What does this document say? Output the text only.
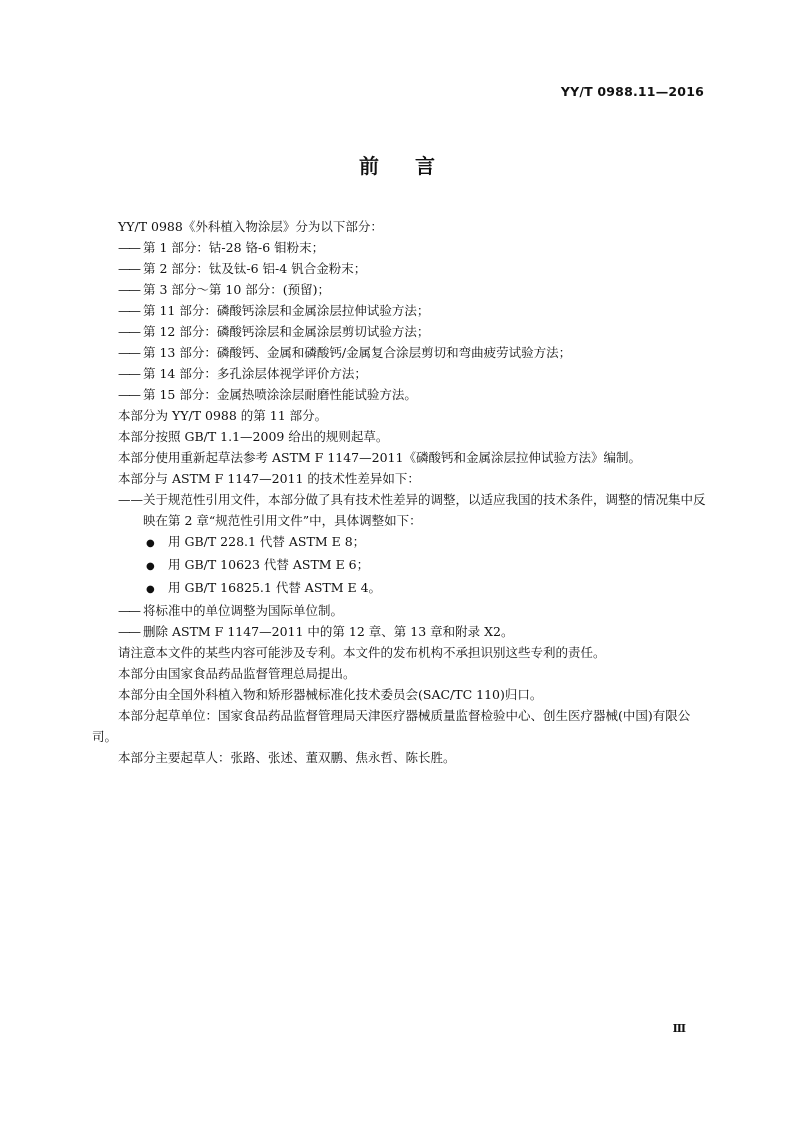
YY/T 0988.11—2016
前言

YY/T 0988《外科植入物涂层》分为以下部分：

—— 第 1 部分：钴-28 铬-6 钼粉末；

—— 第 2 部分：钛及钛-6 铝-4 钒合金粉末；

—— 第 3 部分～第 10 部分：(预留)；

—— 第 11 部分：磷酸钙涂层和金属涂层拉伸试验方法；

—— 第 12 部分：磷酸钙涂层和金属涂层剪切试验方法；

—— 第 13 部分：磷酸钙、金属和磷酸钙/金属复合涂层剪切和弯曲疲劳试验方法；

—— 第 14 部分：多孔涂层体视学评价方法；

—— 第 15 部分：金属热喷涂涂层耐磨性能试验方法。

本部分为 YY/T 0988 的第 11 部分。

本部分按照 GB/T 1.1—2009 给出的规则起草。

本部分使用重新起草法参考 ASTM F 1147—2011《磷酸钙和金属涂层拉伸试验方法》编制。

本部分与 ASTM F 1147—2011 的技术性差异如下：

——关于规范性引用文件，本部分做了具有技术性差异的调整，以适应我国的技术条件，调整的情况集中反映在第 2 章“规范性引用文件”中，具体调整如下：

● 用 GB/T 228.1 代替 ASTM E 8；

● 用 GB/T 10623 代替 ASTM E 6；

● 用 GB/T 16825.1 代替 ASTM E 4。

—— 将标准中的单位调整为国际单位制。

—— 删除 ASTM F 1147—2011 中的第 12 章、第 13 章和附录 X2。

请注意本文件的某些内容可能涉及专利。本文件的发布机构不承担识别这些专利的责任。

本部分由国家食品药品监督管理总局提出。

本部分由全国外科植入物和矫形器械标准化技术委员会(SAC/TC 110)归口。

本部分起草单位：国家食品药品监督管理局天津医疗器械质量监督检验中心、创生医疗器械(中国)有限公司。

本部分主要起草人：张路、张述、董双鹏、焦永哲、陈长胜。

Ⅲ
